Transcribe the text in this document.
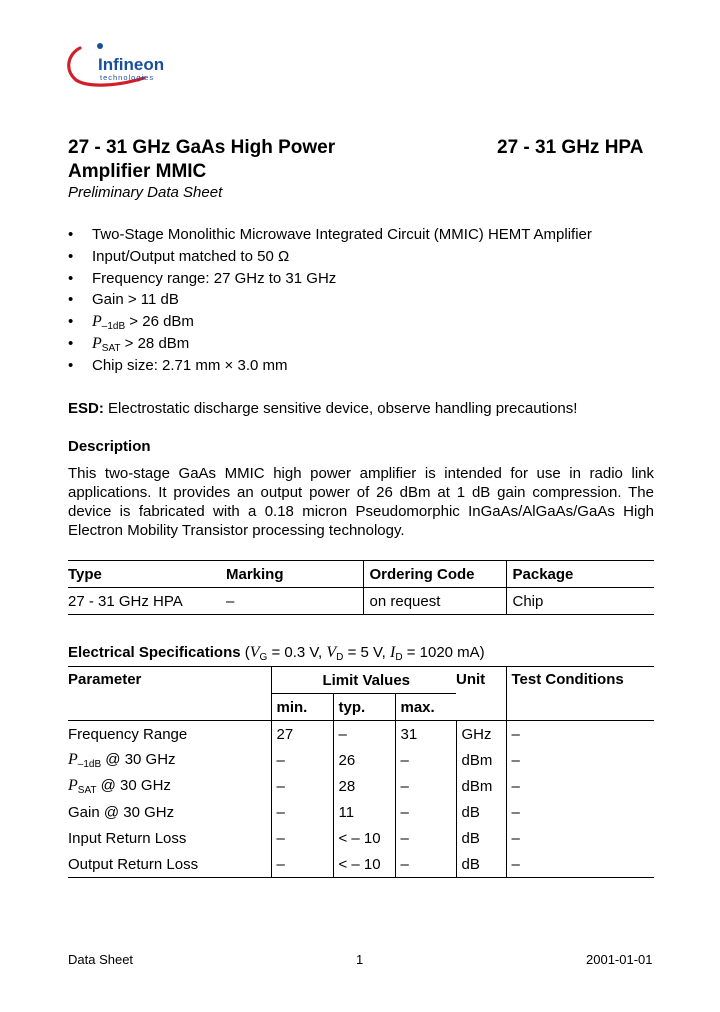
Infineon
technologies
27 - 31 GHz GaAs High Power
Amplifier MMIC
27 - 31 GHz HPA
Preliminary Data Sheet
• Two-Stage Monolithic Microwave Integrated Circuit (MMIC) HEMT Amplifier
• Input/Output matched to 50 Ω
• Frequency range: 27 GHz to 31 GHz
• Gain > 11 dB
• $P_{-1dB} > 26$ dBm
• $P_{SAT} > 28$ dBm
• Chip size: 2.71 mm × 3.0 mm
ESD: Electrostatic discharge sensitive device, observe handling precautions!
Description
This two-stage GaAs MMIC high power amplifier is intended for use in radio link applications. It provides an output power of 26 dBm at 1 dB gain compression. The device is fabricated with a 0.18 micron Pseudomorphic InGaAs/AlGaAs/GaAs High Electron Mobility Transistor processing technology.
Type	Marking	Ordering Code	Package
27 - 31 GHz HPA	–	on request	Chip
Electrical Specifications ($V_G = 0.3$ V, $V_D = 5$ V, $I_D = 1020$ mA)
Parameter	Limit Values			Unit	Test Conditions
	min.	typ.	max.		
Frequency Range	27	–	31	GHz	–
$P_{-1dB}$ @ 30 GHz	–	26	–	dBm	–
$P_{SAT}$ @ 30 GHz	–	28	–	dBm	–
Gain @ 30 GHz	–	11	–	dB	–
Input Return Loss	–	< – 10	–	dB	–
Output Return Loss	–	< – 10	–	dB	–
Data Sheet	1	2001-01-01
